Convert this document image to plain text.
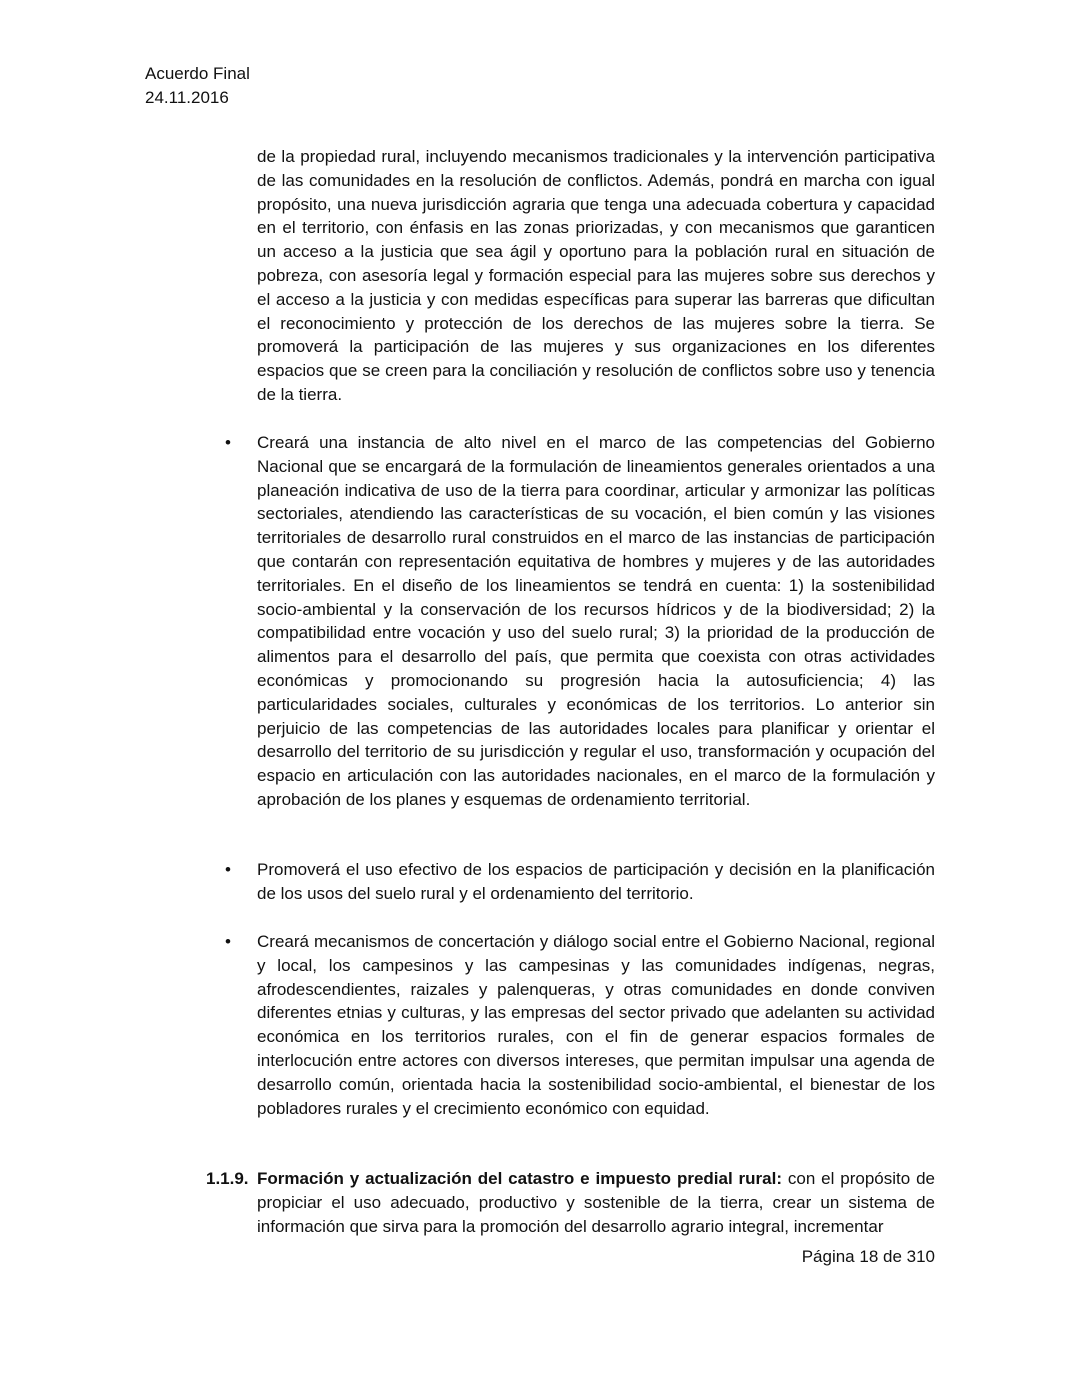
Acuerdo Final
24.11.2016
de la propiedad rural, incluyendo mecanismos tradicionales y la intervención participativa de las comunidades en la resolución de conflictos. Además, pondrá en marcha con igual propósito, una nueva jurisdicción agraria que tenga una adecuada cobertura y capacidad en el territorio, con énfasis en las zonas priorizadas, y con mecanismos que garanticen un acceso a la justicia que sea ágil y oportuno para la población rural en situación de pobreza, con asesoría legal y formación especial para las mujeres sobre sus derechos y el acceso a la justicia y con medidas específicas para superar las barreras que dificultan el reconocimiento y protección de los derechos de las mujeres sobre la tierra. Se promoverá la participación de las mujeres y sus organizaciones en los diferentes espacios que se creen para la conciliación y resolución de conflictos sobre uso y tenencia de la tierra.
•	Creará una instancia de alto nivel en el marco de las competencias del Gobierno Nacional que se encargará de la formulación de lineamientos generales orientados a una planeación indicativa de uso de la tierra para coordinar, articular y armonizar las políticas sectoriales, atendiendo las características de su vocación, el bien común y las visiones territoriales de desarrollo rural construidos en el marco de las instancias de participación que contarán con representación equitativa de hombres y mujeres y de las autoridades territoriales. En el diseño de los lineamientos se tendrá en cuenta: 1) la sostenibilidad socio-ambiental y la conservación de los recursos hídricos y de la biodiversidad; 2) la compatibilidad entre vocación y uso del suelo rural; 3) la prioridad de la producción de alimentos para el desarrollo del país, que permita que coexista con otras actividades económicas y promocionando su progresión hacia la autosuficiencia; 4) las particularidades sociales, culturales y económicas de los territorios. Lo anterior sin perjuicio de las competencias de las autoridades locales para planificar y orientar el desarrollo del territorio de su jurisdicción y regular el uso, transformación y ocupación del espacio en articulación con las autoridades nacionales, en el marco de la formulación y aprobación de los planes y esquemas de ordenamiento territorial.
•	Promoverá el uso efectivo de los espacios de participación y decisión en la planificación de los usos del suelo rural y el ordenamiento del territorio.
•	Creará mecanismos de concertación y diálogo social entre el Gobierno Nacional, regional y local, los campesinos y las campesinas y las comunidades indígenas, negras, afrodescendientes, raizales y palenqueras, y otras comunidades en donde conviven diferentes etnias y culturas, y las empresas del sector privado que adelanten su actividad económica en los territorios rurales, con el fin de generar espacios formales de interlocución entre actores con diversos intereses, que permitan impulsar una agenda de desarrollo común, orientada hacia la sostenibilidad socio-ambiental, el bienestar de los pobladores rurales y el crecimiento económico con equidad.
1.1.9. Formación y actualización del catastro e impuesto predial rural: con el propósito de propiciar el uso adecuado, productivo y sostenible de la tierra, crear un sistema de información que sirva para la promoción del desarrollo agrario integral, incrementar
Página 18 de 310
